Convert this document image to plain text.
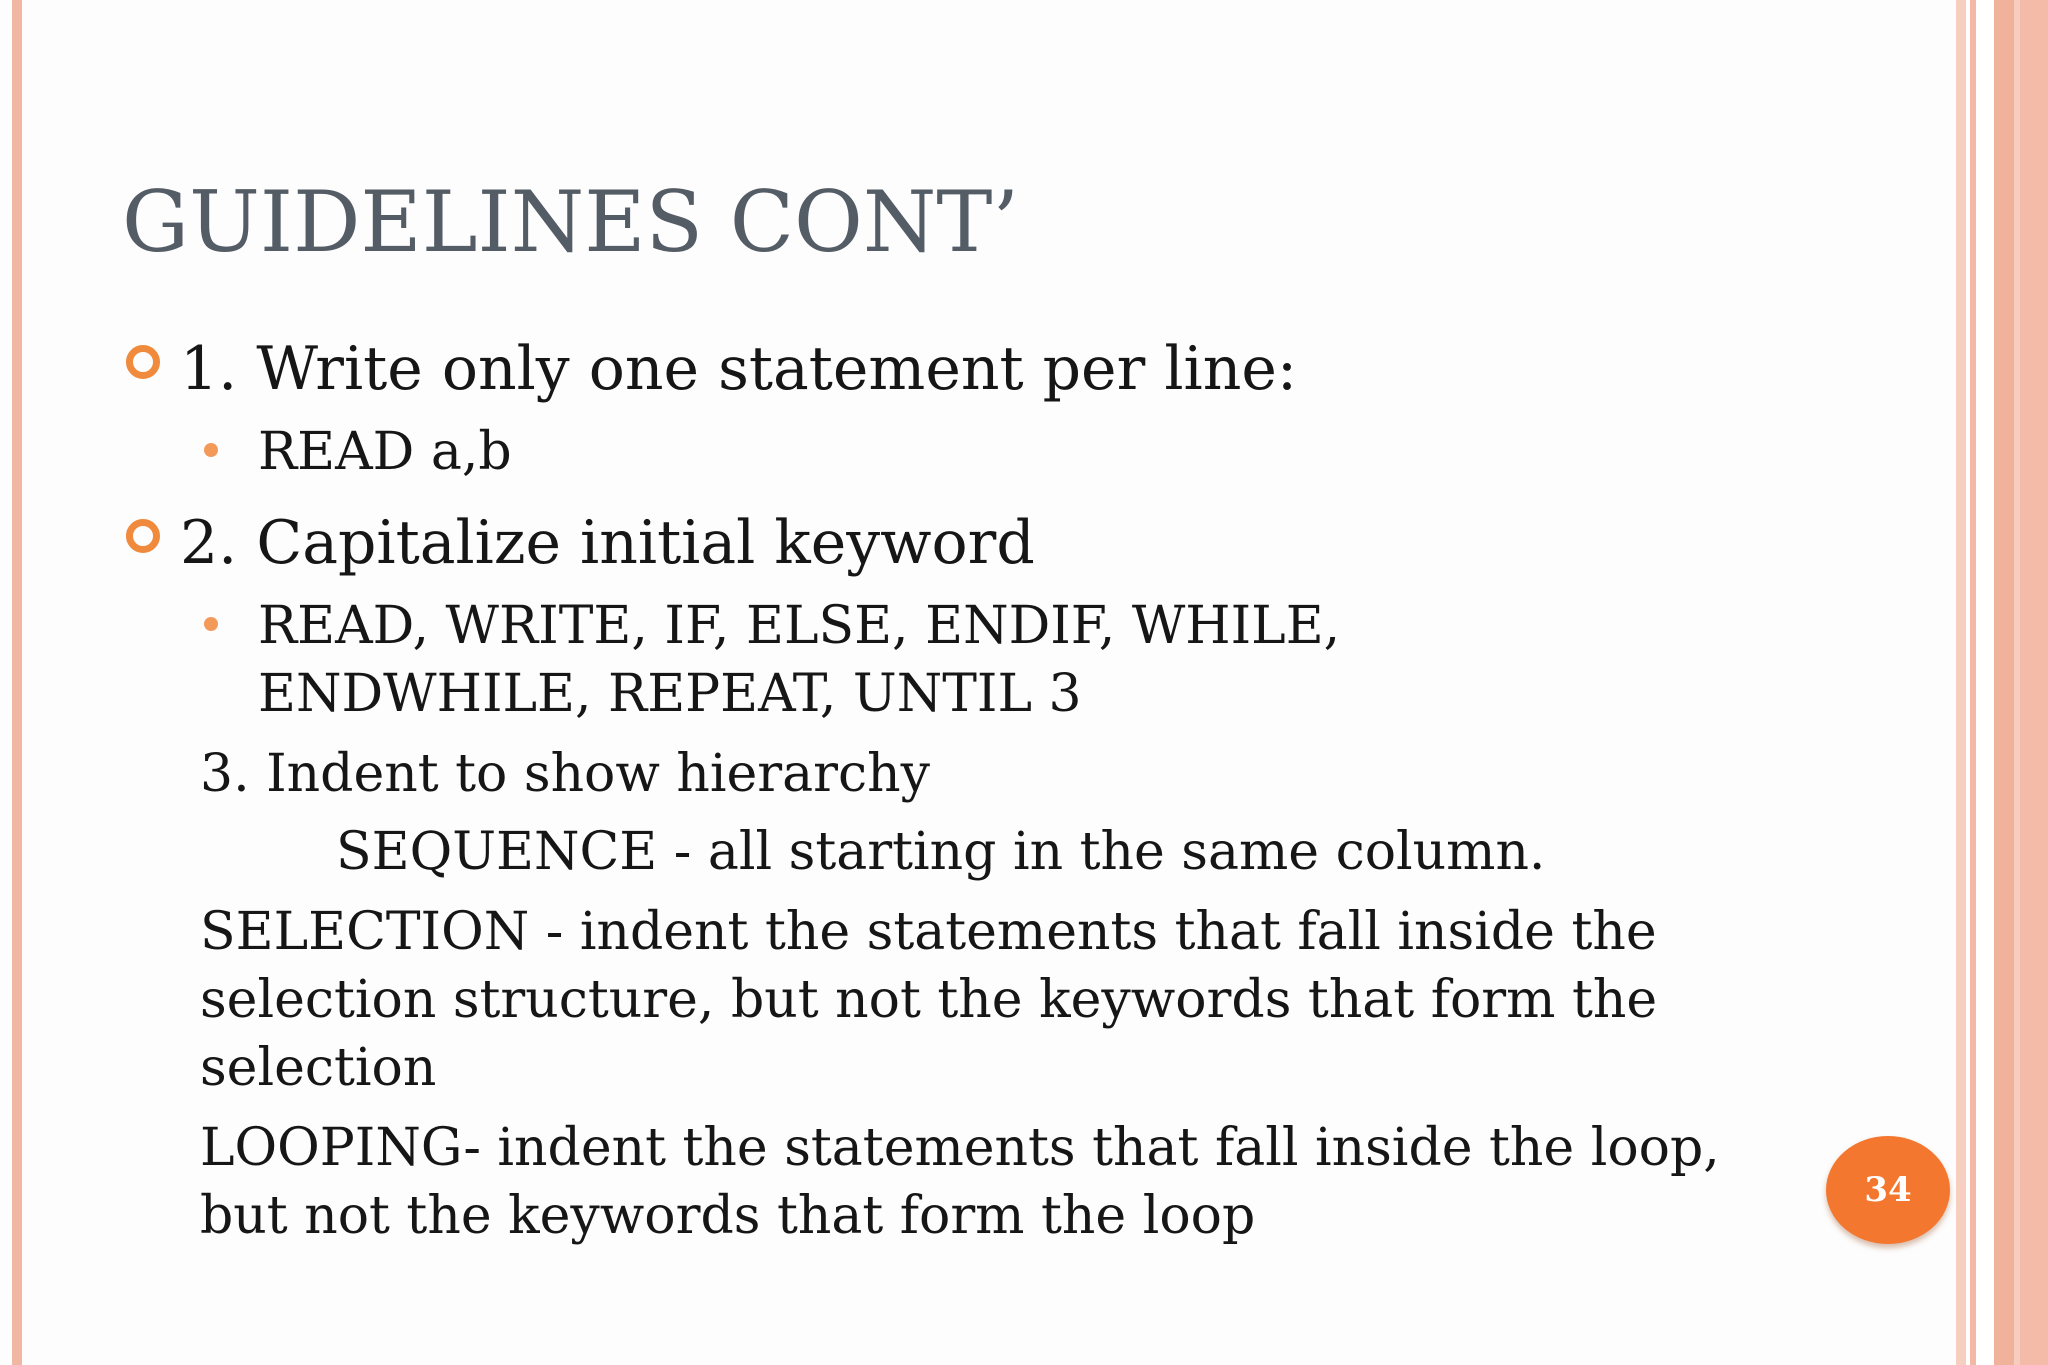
GUIDELINES CONT’
1. Write only one statement per line:
READ a,b
2. Capitalize initial keyword
READ, WRITE, IF, ELSE, ENDIF, WHILE,
ENDWHILE, REPEAT, UNTIL 3
3. Indent to show hierarchy
SEQUENCE - all starting in the same column.
SELECTION - indent the statements that fall inside the
selection structure, but not the keywords that form the
selection
LOOPING- indent the statements that fall inside the loop,
but not the keywords that form the loop	34
